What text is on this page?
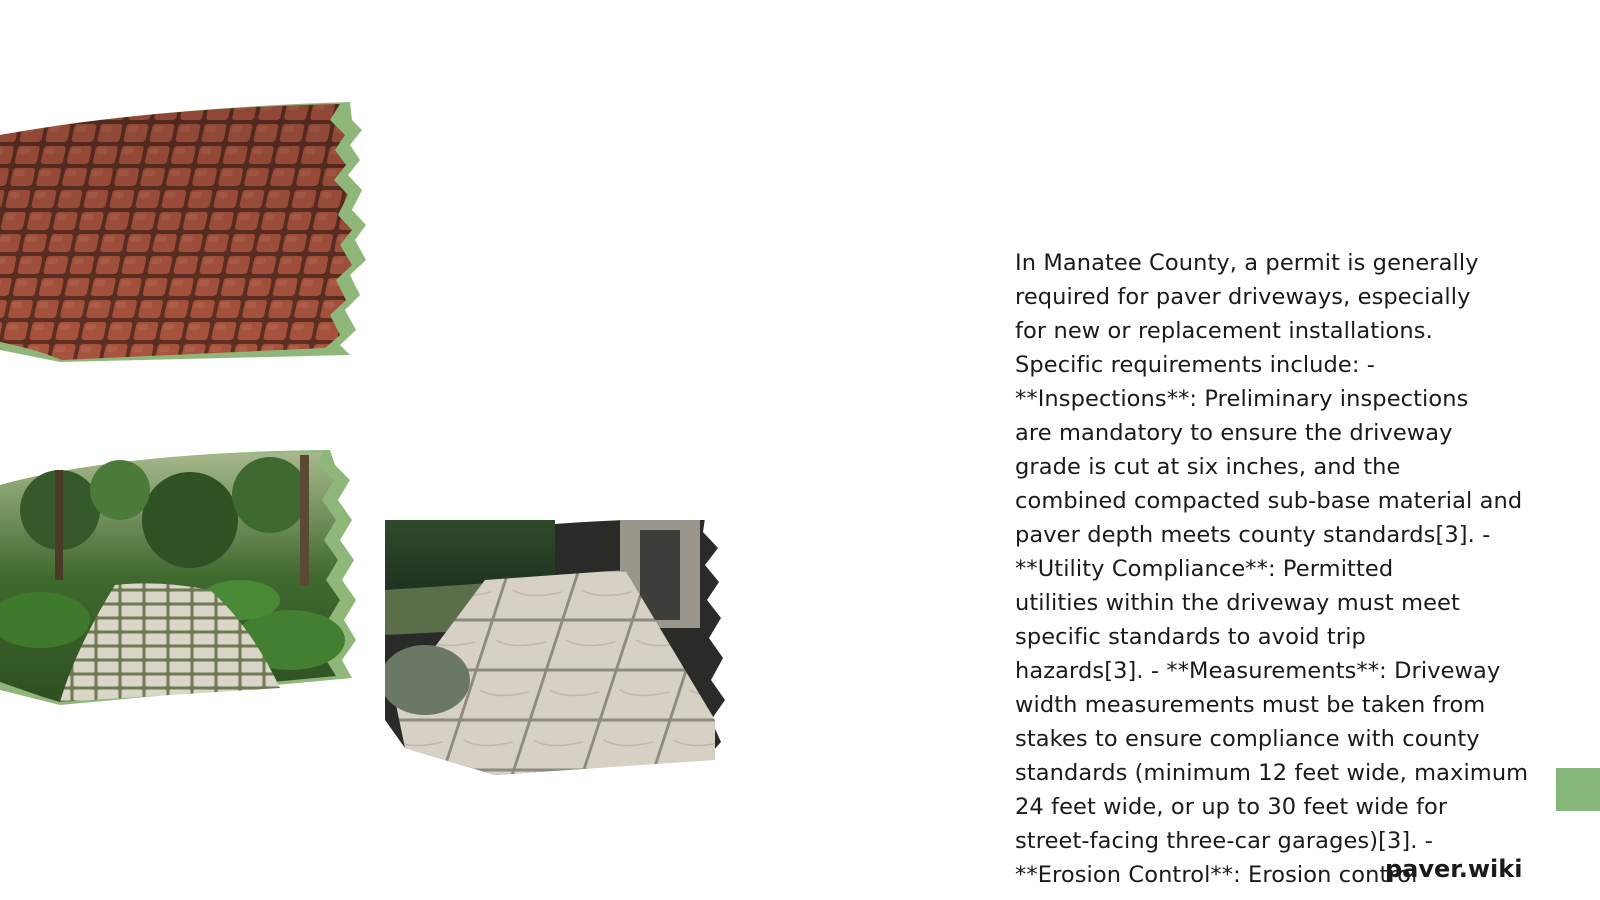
In Manatee County, a permit is generally
required for paver driveways, especially
for new or replacement installations.
Specific requirements include: -
**Inspections**: Preliminary inspections
are mandatory to ensure the driveway
grade is cut at six inches, and the
combined compacted sub-base material and
paver depth meets county standards[3]. -
**Utility Compliance**: Permitted
utilities within the driveway must meet
specific standards to avoid trip
hazards[3]. - **Measurements**: Driveway
width measurements must be taken from
stakes to ensure compliance with county
standards (minimum 12 feet wide, maximum
24 feet wide, or up to 30 feet wide for
street-facing three-car garages)[3]. -
**Erosion Control**: Erosion control
paver.wiki
